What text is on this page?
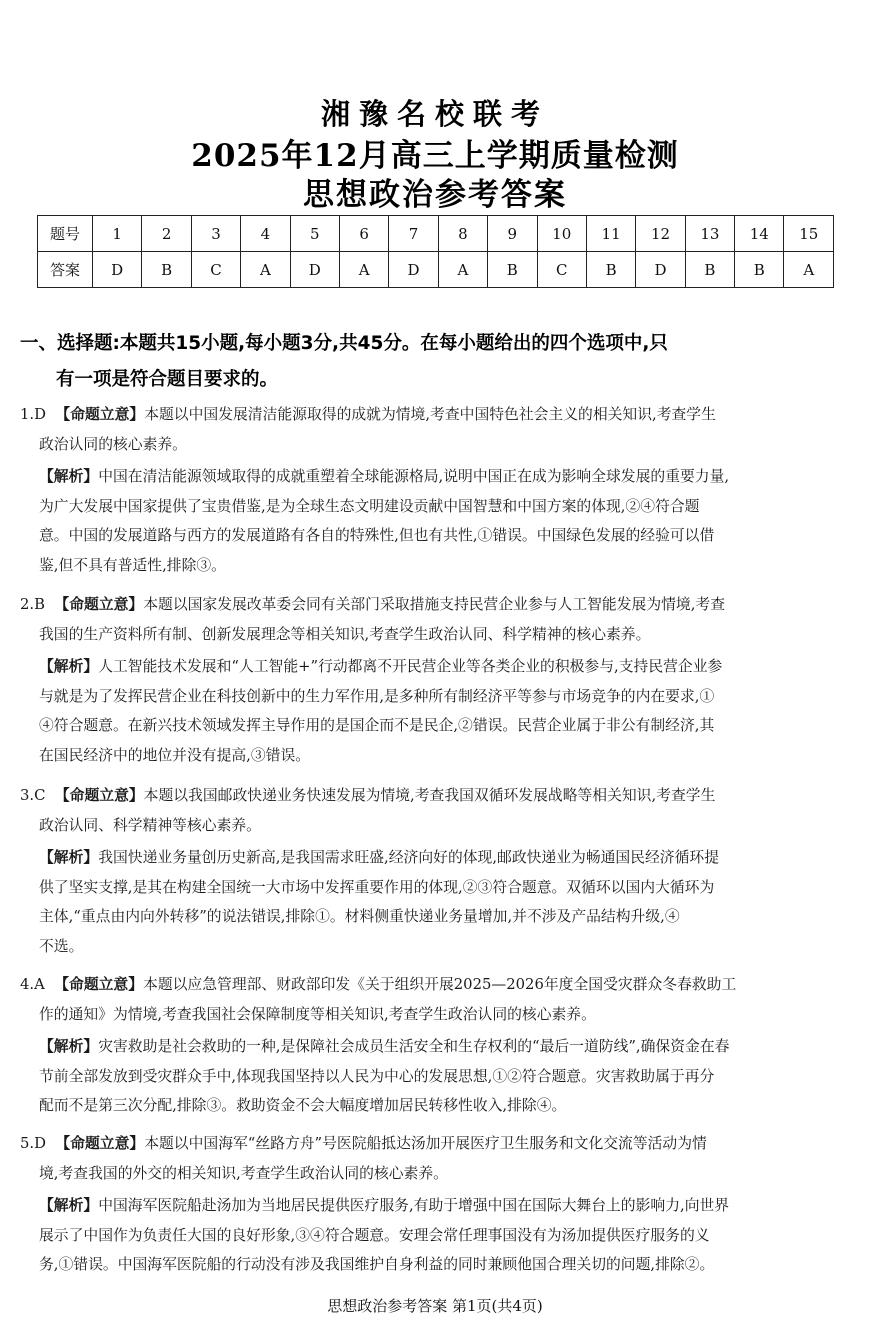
湘豫名校联考
2025年12月高三上学期质量检测
思想政治参考答案
题号	1	2	3	4	5	6	7	8	9	10	11	12	13	14	15
答案	D	B	C	A	D	A	D	A	B	C	B	D	B	B	A
一、选择题:本题共15小题,每小题3分,共45分。在每小题给出的四个选项中,只
有一项是符合题目要求的。
1.D 【命题立意】本题以中国发展清洁能源取得的成就为情境,考查中国特色社会主义的相关知识,考查学生
政治认同的核心素养。
【解析】中国在清洁能源领域取得的成就重塑着全球能源格局,说明中国正在成为影响全球发展的重要力量,
为广大发展中国家提供了宝贵借鉴,是为全球生态文明建设贡献中国智慧和中国方案的体现,②④符合题
意。中国的发展道路与西方的发展道路有各自的特殊性,但也有共性,①错误。中国绿色发展的经验可以借
鉴,但不具有普适性,排除③。
2.B 【命题立意】本题以国家发展改革委会同有关部门采取措施支持民营企业参与人工智能发展为情境,考查
我国的生产资料所有制、创新发展理念等相关知识,考查学生政治认同、科学精神的核心素养。
【解析】人工智能技术发展和“人工智能+”行动都离不开民营企业等各类企业的积极参与,支持民营企业参
与就是为了发挥民营企业在科技创新中的生力军作用,是多种所有制经济平等参与市场竞争的内在要求,①
④符合题意。在新兴技术领域发挥主导作用的是国企而不是民企,②错误。民营企业属于非公有制经济,其
在国民经济中的地位并没有提高,③错误。
3.C 【命题立意】本题以我国邮政快递业务快速发展为情境,考查我国双循环发展战略等相关知识,考查学生
政治认同、科学精神等核心素养。
【解析】我国快递业务量创历史新高,是我国需求旺盛,经济向好的体现,邮政快递业为畅通国民经济循环提
供了坚实支撑,是其在构建全国统一大市场中发挥重要作用的体现,②③符合题意。双循环以国内大循环为
主体,“重点由内向外转移”的说法错误,排除①。材料侧重快递业务量增加,并不涉及产品结构升级,④
不选。
4.A 【命题立意】本题以应急管理部、财政部印发《关于组织开展2025—2026年度全国受灾群众冬春救助工
作的通知》为情境,考查我国社会保障制度等相关知识,考查学生政治认同的核心素养。
【解析】灾害救助是社会救助的一种,是保障社会成员生活安全和生存权利的“最后一道防线”,确保资金在春
节前全部发放到受灾群众手中,体现我国坚持以人民为中心的发展思想,①②符合题意。灾害救助属于再分
配而不是第三次分配,排除③。救助资金不会大幅度增加居民转移性收入,排除④。
5.D 【命题立意】本题以中国海军“丝路方舟”号医院船抵达汤加开展医疗卫生服务和文化交流等活动为情
境,考查我国的外交的相关知识,考查学生政治认同的核心素养。
【解析】中国海军医院船赴汤加为当地居民提供医疗服务,有助于增强中国在国际大舞台上的影响力,向世界
展示了中国作为负责任大国的良好形象,③④符合题意。安理会常任理事国没有为汤加提供医疗服务的义
务,①错误。中国海军医院船的行动没有涉及我国维护自身利益的同时兼顾他国合理关切的问题,排除②。
思想政治参考答案 第1页(共4页)
